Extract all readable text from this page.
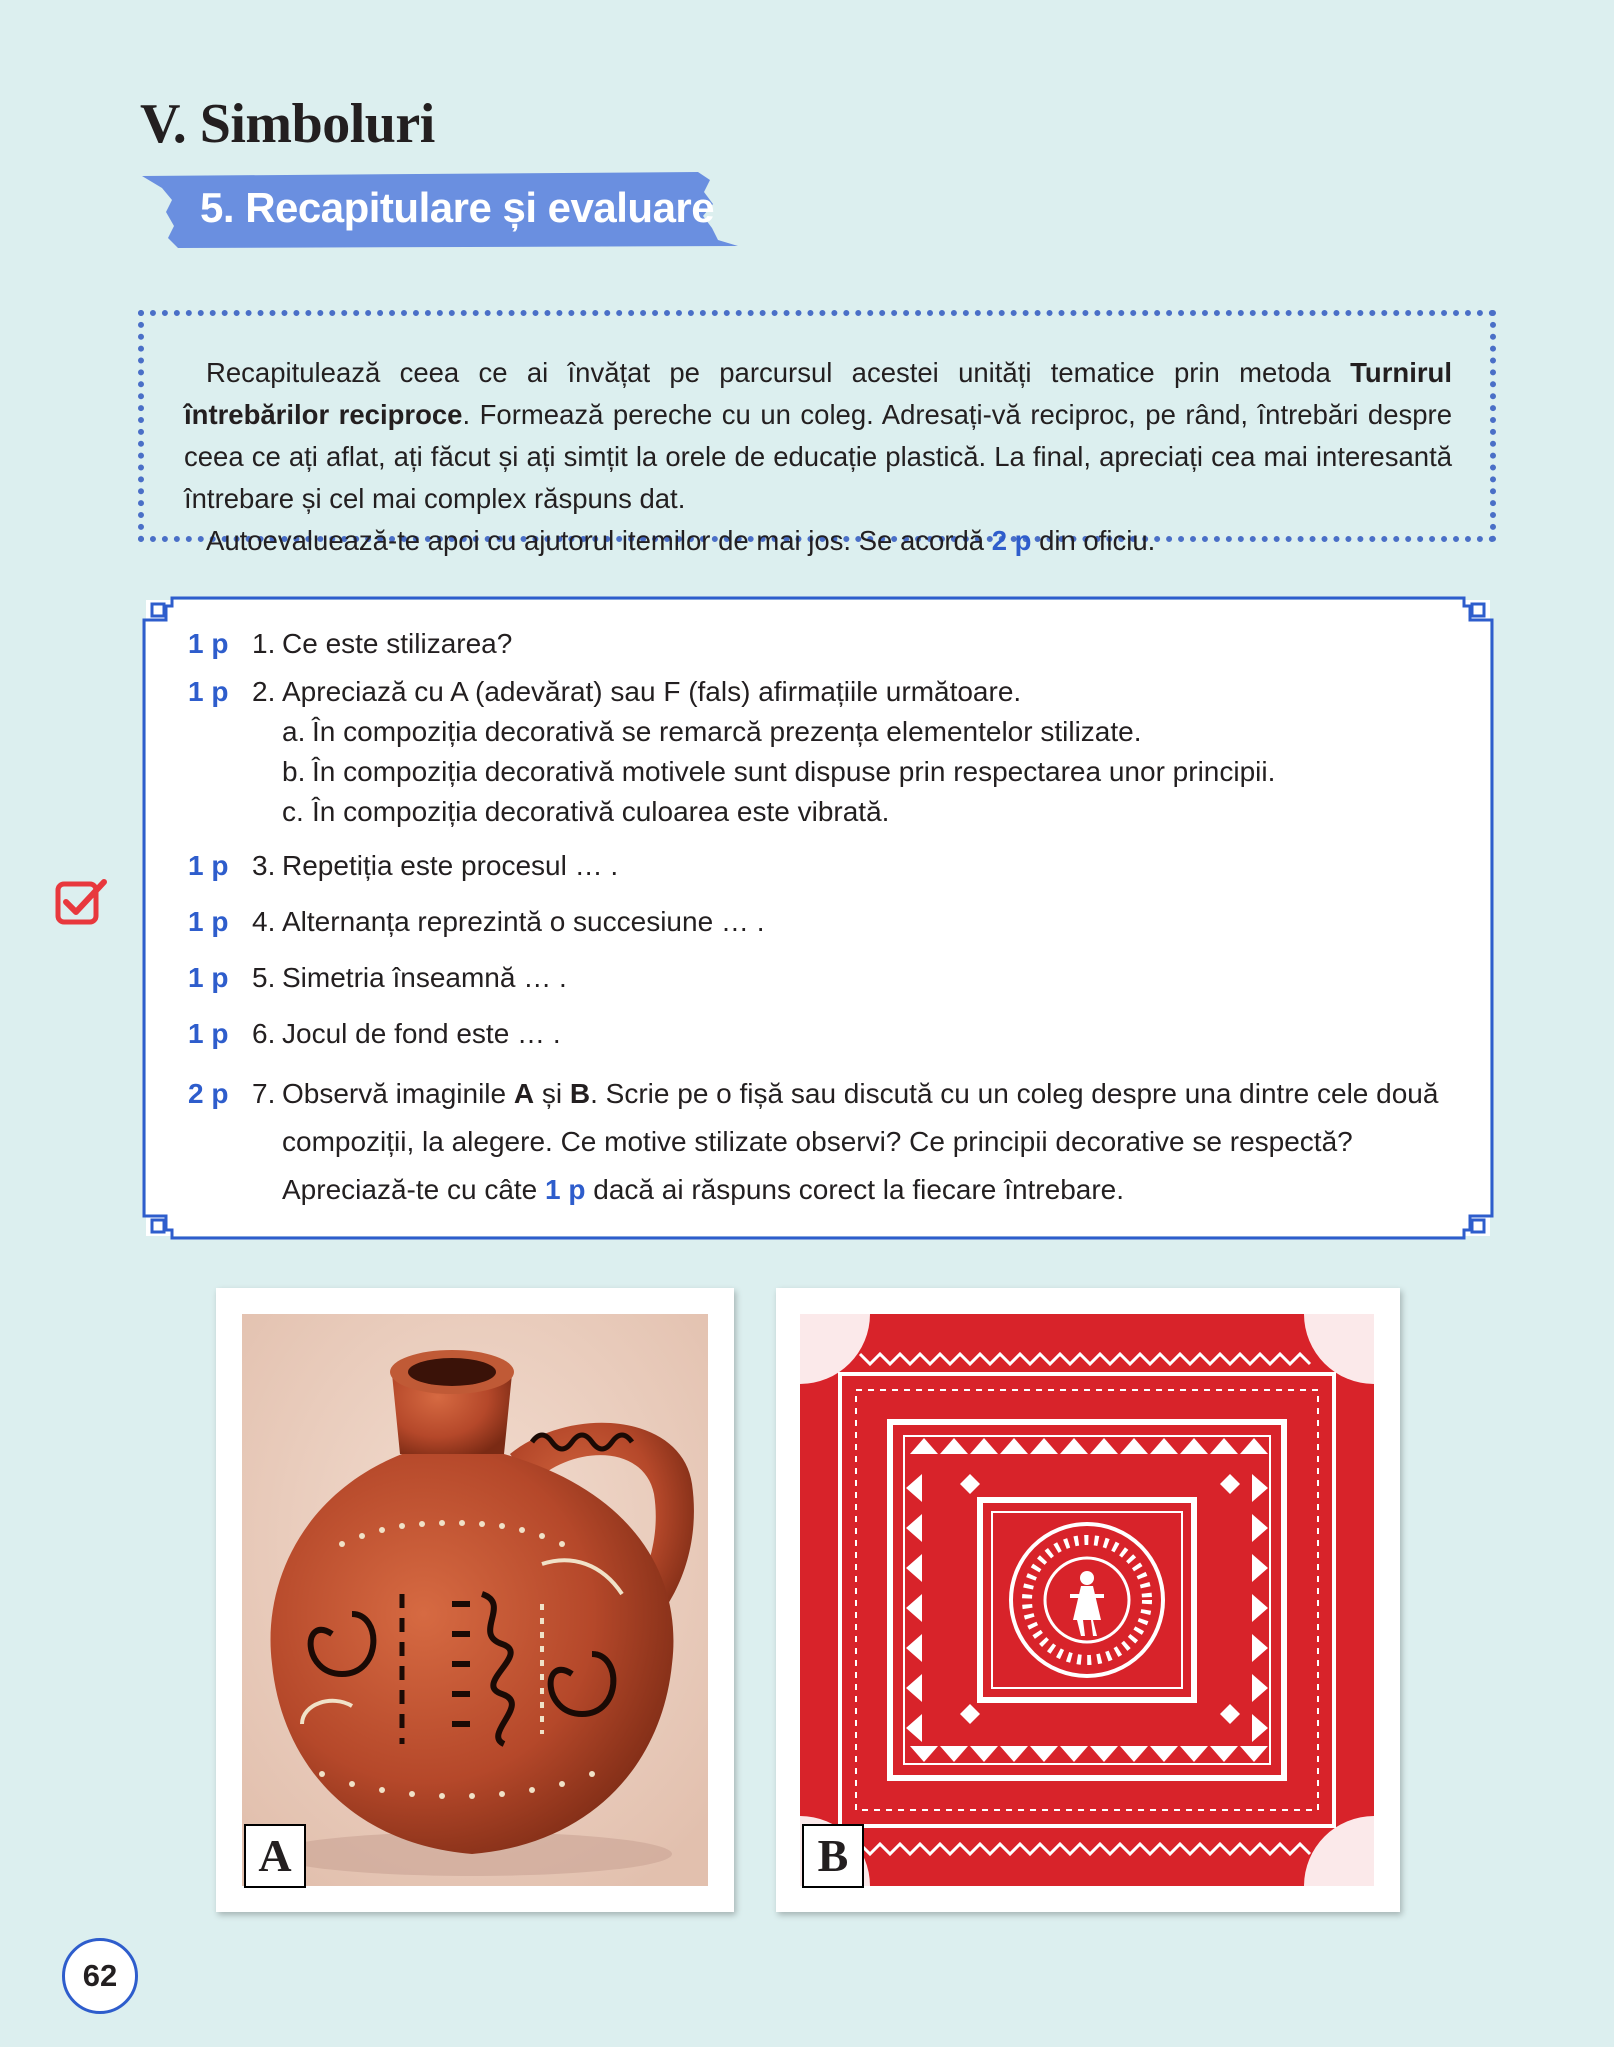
V. Simboluri
5. Recapitulare și evaluare

Recapitulează ceea ce ai învățat pe parcursul acestei unități tematice prin metoda Turnirul întrebărilor reciproce. Formează pereche cu un coleg. Adresați-vă reciproc, pe rând, întrebări despre ceea ce ați aflat, ați făcut și ați simțit la orele de educație plastică. La final, apreciați cea mai interesantă întrebare și cel mai complex răspuns dat.

Autoevaluează-te apoi cu ajutorul itemilor de mai jos. Se acordă 2 p din oficiu.

1 p 1. Ce este stilizarea?
1 p 2. Apreciază cu A (adevărat) sau F (fals) afirmațiile următoare.
a. În compoziția decorativă se remarcă prezența elementelor stilizate.
b. În compoziția decorativă motivele sunt dispuse prin respectarea unor principii.
c. În compoziția decorativă culoarea este vibrată.
1 p 3. Repetiția este procesul … .
1 p 4. Alternanța reprezintă o succesiune … .
1 p 5. Simetria înseamnă … .
1 p 6. Jocul de fond este … .
2 p 7. Observă imaginile A și B. Scrie pe o fișă sau discută cu un coleg despre una dintre cele două compoziții, la alegere. Ce motive stilizate observi? Ce principii decorative se respectă?
Apreciază-te cu câte 1 p dacă ai răspuns corect la fiecare întrebare.
A	B
62
